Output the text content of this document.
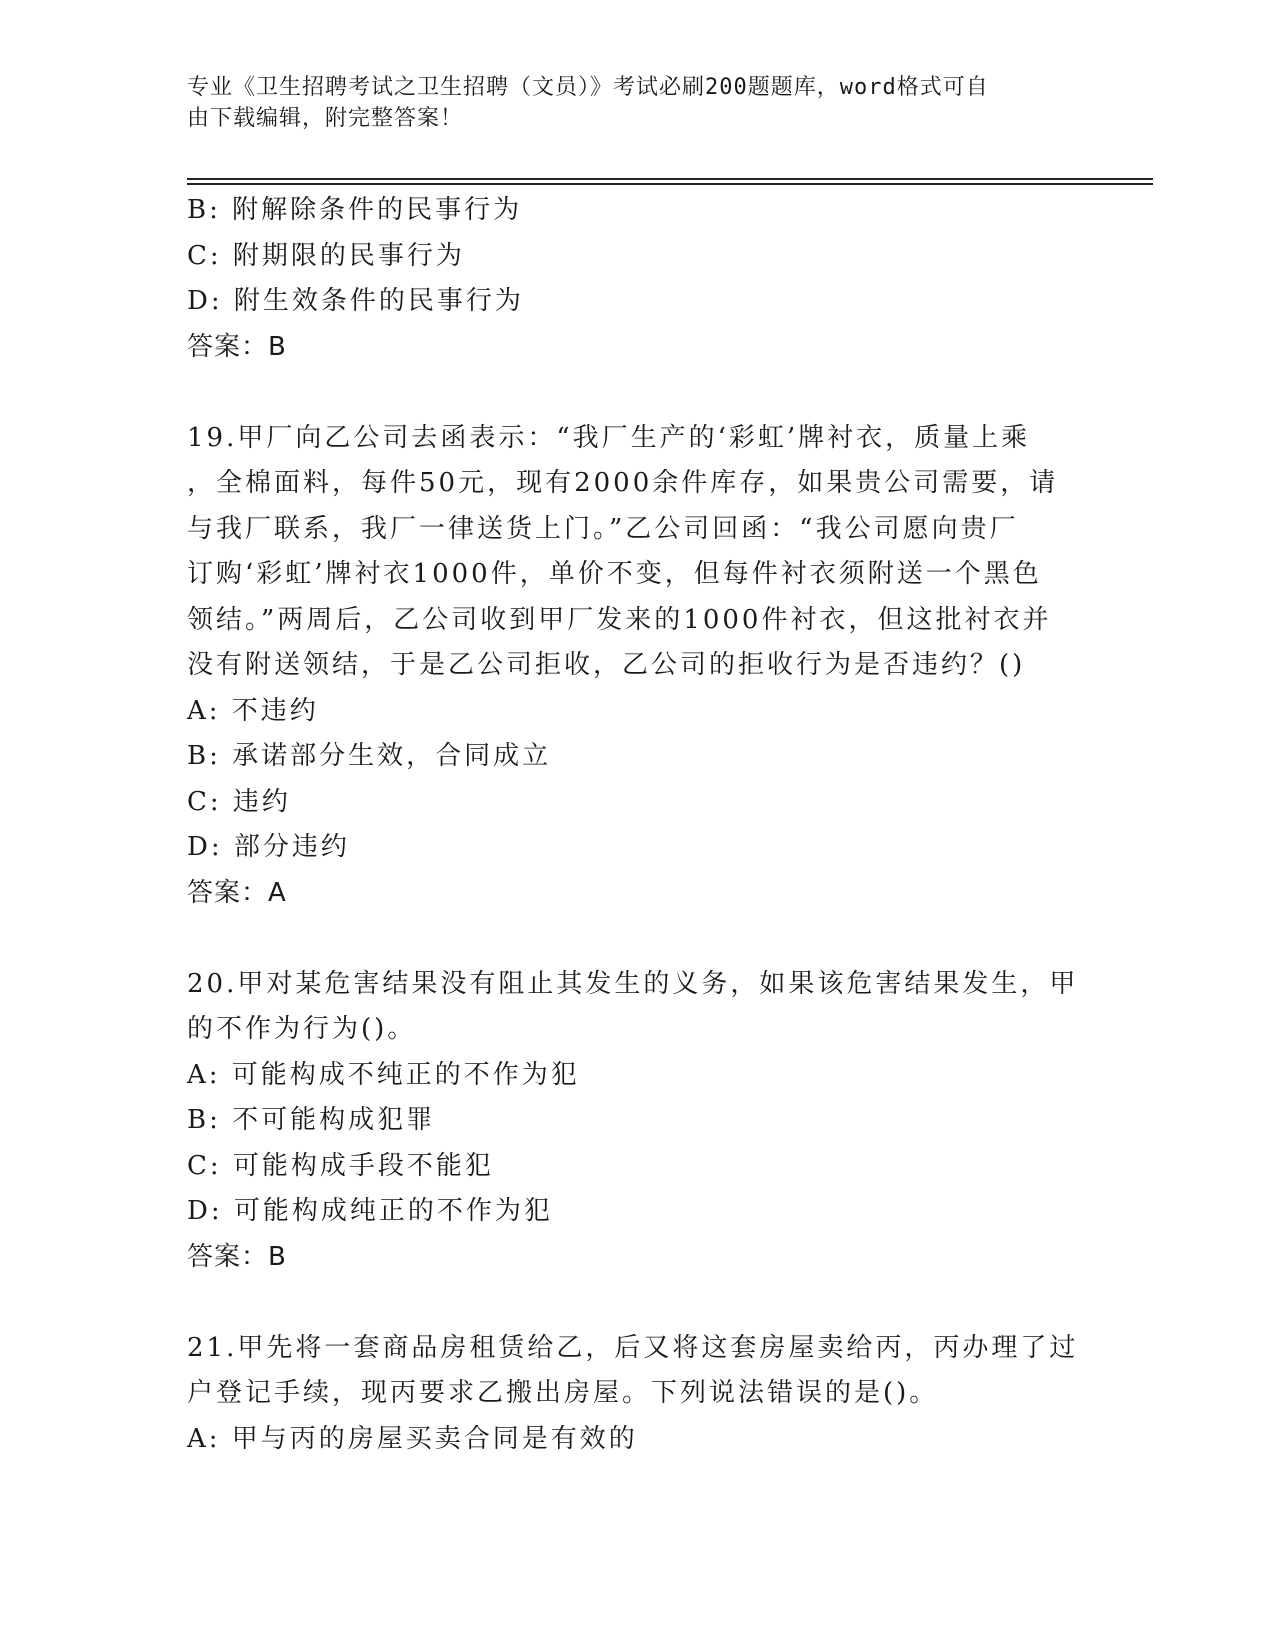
专业《卫生招聘考试之卫生招聘（文员）》考试必刷200题题库，word格式可自
由下载编辑，附完整答案！
B: 附解除条件的民事行为
C: 附期限的民事行为
D: 附生效条件的民事行为
答案：B
19.甲厂向乙公司去函表示：“我厂生产的‘彩虹’牌衬衣，质量上乘
，全棉面料，每件50元，现有2000余件库存，如果贵公司需要，请
与我厂联系，我厂一律送货上门。”乙公司回函：“我公司愿向贵厂
订购‘彩虹’牌衬衣1000件，单价不变，但每件衬衣须附送一个黑色
领结。”两周后，乙公司收到甲厂发来的1000件衬衣，但这批衬衣并
没有附送领结，于是乙公司拒收，乙公司的拒收行为是否违约？()
A: 不违约
B: 承诺部分生效，合同成立
C: 违约
D: 部分违约
答案：A
20.甲对某危害结果没有阻止其发生的义务，如果该危害结果发生，甲
的不作为行为()。
A: 可能构成不纯正的不作为犯
B: 不可能构成犯罪
C: 可能构成手段不能犯
D: 可能构成纯正的不作为犯
答案：B
21.甲先将一套商品房租赁给乙，后又将这套房屋卖给丙，丙办理了过
户登记手续，现丙要求乙搬出房屋。下列说法错误的是()。
A: 甲与丙的房屋买卖合同是有效的
